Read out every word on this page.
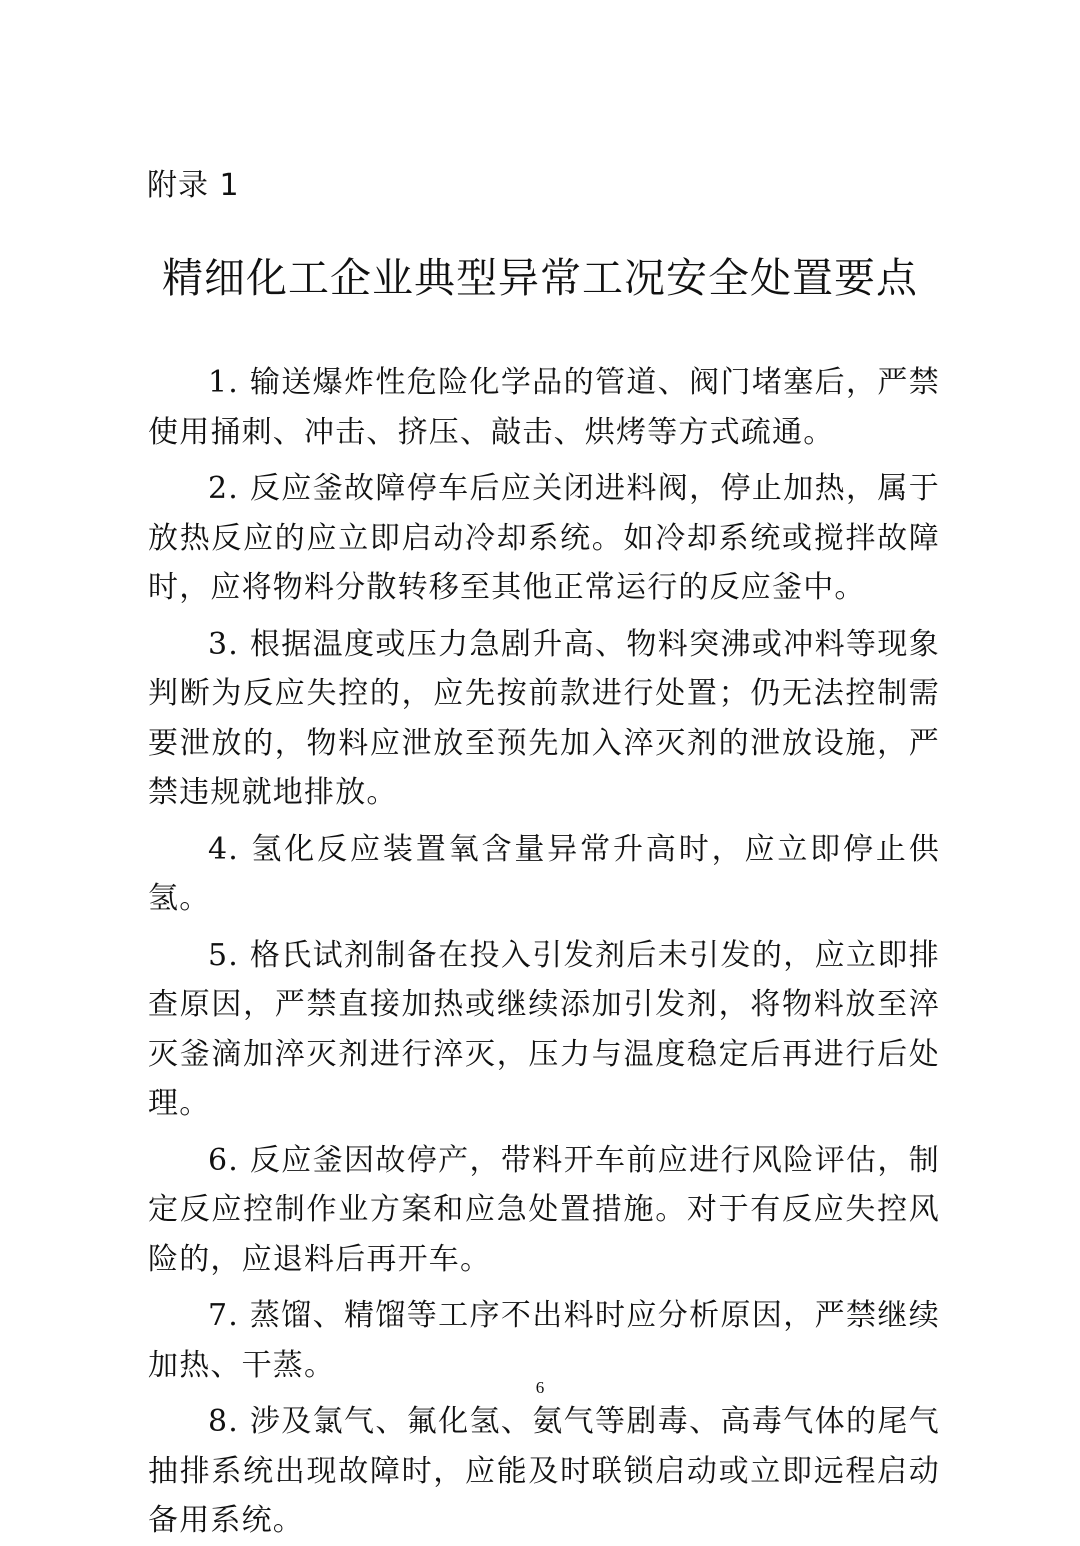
附录 1
精细化工企业典型异常工况安全处置要点
1. 输送爆炸性危险化学品的管道、阀门堵塞后，严禁使用捅刺、冲击、挤压、敲击、烘烤等方式疏通。
2. 反应釜故障停车后应关闭进料阀，停止加热，属于放热反应的应立即启动冷却系统。如冷却系统或搅拌故障时，应将物料分散转移至其他正常运行的反应釜中。
3. 根据温度或压力急剧升高、物料突沸或冲料等现象判断为反应失控的，应先按前款进行处置；仍无法控制需要泄放的，物料应泄放至预先加入淬灭剂的泄放设施，严禁违规就地排放。
4. 氢化反应装置氧含量异常升高时，应立即停止供氢。
5. 格氏试剂制备在投入引发剂后未引发的，应立即排查原因，严禁直接加热或继续添加引发剂，将物料放至淬灭釜滴加淬灭剂进行淬灭，压力与温度稳定后再进行后处理。
6. 反应釜因故停产，带料开车前应进行风险评估，制定反应控制作业方案和应急处置措施。对于有反应失控风险的，应退料后再开车。
7. 蒸馏、精馏等工序不出料时应分析原因，严禁继续加热、干蒸。
8. 涉及氯气、氟化氢、氨气等剧毒、高毒气体的尾气抽排系统出现故障时，应能及时联锁启动或立即远程启动备用系统。
6
